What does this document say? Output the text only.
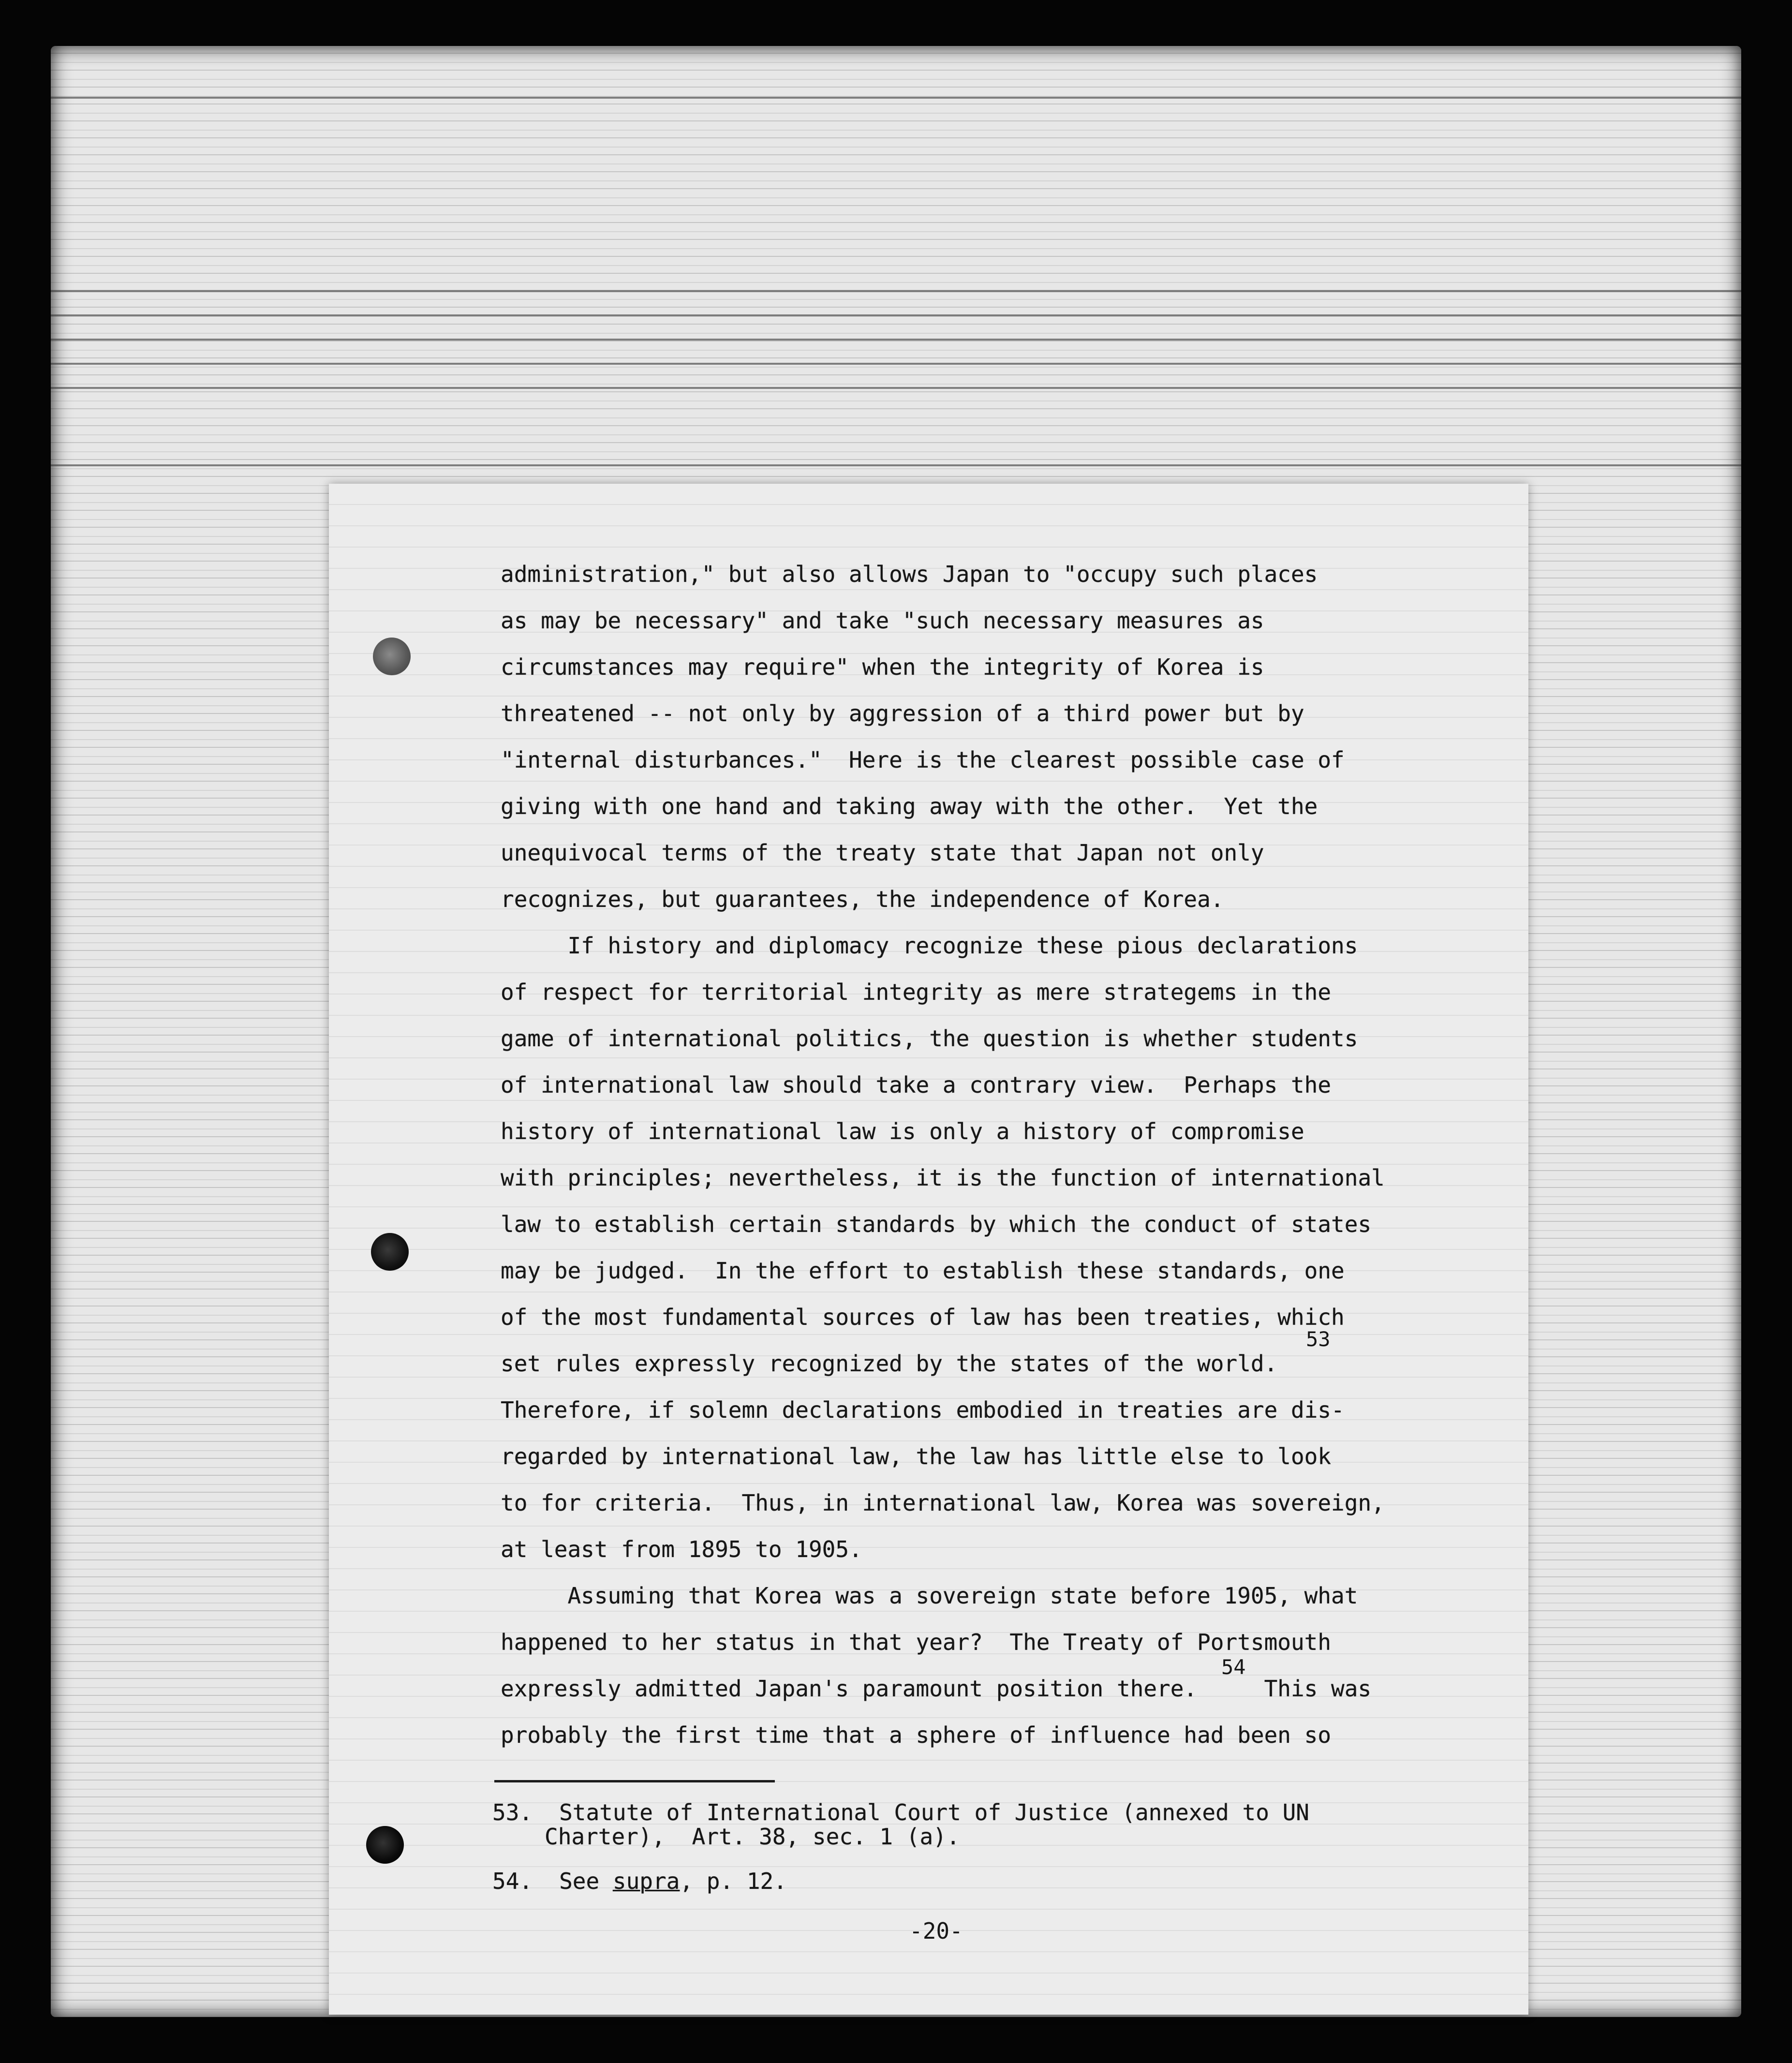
administration," but also allows Japan to "occupy such places
as may be necessary" and take "such necessary measures as
circumstances may require" when the integrity of Korea is
threatened -- not only by aggression of a third power but by
"internal disturbances."  Here is the clearest possible case of
giving with one hand and taking away with the other.  Yet the
unequivocal terms of the treaty state that Japan not only
recognizes, but guarantees, the independence of Korea.
If history and diplomacy recognize these pious declarations
of respect for territorial integrity as mere strategems in the
game of international politics, the question is whether students
of international law should take a contrary view.  Perhaps the
history of international law is only a history of compromise
with principles; nevertheless, it is the function of international
law to establish certain standards by which the conduct of states
may be judged.  In the effort to establish these standards, one
of the most fundamental sources of law has been treaties, which
set rules expressly recognized by the states of the world.
Therefore, if solemn declarations embodied in treaties are dis-
regarded by international law, the law has little else to look
to for criteria.  Thus, in international law, Korea was sovereign,
at least from 1895 to 1905.
Assuming that Korea was a sovereign state before 1905, what
happened to her status in that year?  The Treaty of Portsmouth
expressly admitted Japan's paramount position there.     This was
probably the first time that a sphere of influence had been so
53
54
53. Statute of International Court of Justice (annexed to UN
Charter),  Art. 38, sec. 1 (a).
54. See supra, p. 12.
-20-
